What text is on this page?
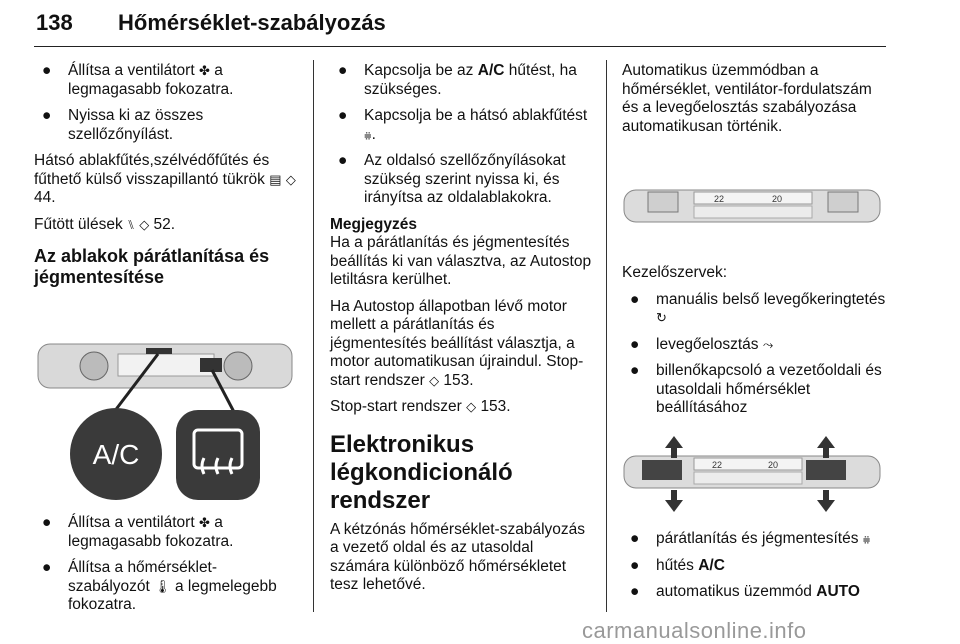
138 Hőmérséklet-szabályozás
● Állítsa a ventilátort ✤ a legmagasabb fokozatra.
● Nyissa ki az összes szellőzőnyílást.

Hátsó ablakfűtés,szélvédőfűtés és fűthető külső visszapillantó tükrök ▤ ◇ 44.

Fűtött ülések ⑊ ◇ 52.

Az ablakok párátlanítása és jégmentesítése
A/C
● Állítsa a ventilátort ✤ a legmagasabb fokozatra.
● Állítsa a hőmérséklet-szabályozót 🌡︎ a legmelegebb fokozatra.
● Kapcsolja be az A/C hűtést, ha szükséges.
● Kapcsolja be a hátsó ablakfűtést ⩷.
● Az oldalsó szellőzőnyílásokat szükség szerint nyissa ki, és irányítsa az oldalablakokra.

Megjegyzés
Ha a párátlanítás és jégmentesítés beállítás ki van választva, az Autostop letiltásra kerülhet.

Ha Autostop állapotban lévő motor mellett a párátlanítás és jégmentesítés beállítást választja, a motor automatikusan újraindul. Stop-start rendszer ◇ 153.

Stop-start rendszer ◇ 153.

Elektronikus légkondicionáló rendszer

A kétzónás hőmérséklet-szabályozás a vezető oldal és az utasoldal számára különböző hőmérsékletet tesz lehetővé.

Automatikus üzemmódban a hőmérséklet, ventilátor-fordulatszám és a levegőelosztás szabályozása automatikusan történik.

22	20

Kezelőszervek:

● manuális belső levegőkeringtetés ↻
● levegőelosztás ⤳
● billenőkapcsoló a vezetőoldali és utasoldali hőmérséklet beállításához
22	20
● párátlanítás és jégmentesítés ⩷
● hűtés A/C
● automatikus üzemmód AUTO
carmanualsonline.info
